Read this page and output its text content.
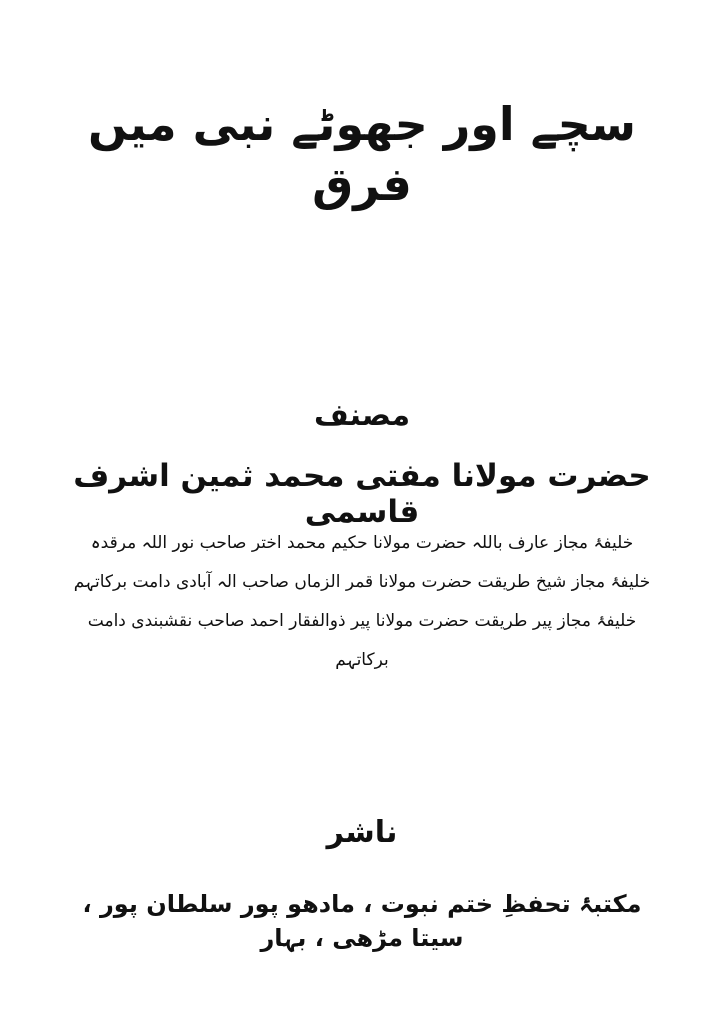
سچے اور جھوٹے نبی میں فرق
مصنف
حضرت مولانا مفتی محمد ثمین اشرف قاسمی
خلیفۂ مجاز عارف باللہ حضرت مولانا حکیم محمد اختر صاحب نور اللہ مرقدہ
خلیفۂ مجاز شیخ طریقت حضرت مولانا قمر الزماں صاحب الہ آبادی دامت برکاتہم
خلیفۂ مجاز پیر طریقت حضرت مولانا پیر ذوالفقار احمد صاحب نقشبندی دامت برکاتہم
ناشر
مکتبۂ تحفظِ ختم نبوت ، مادھو پور سلطان پور ، سیتا مڑھی ، بہار
